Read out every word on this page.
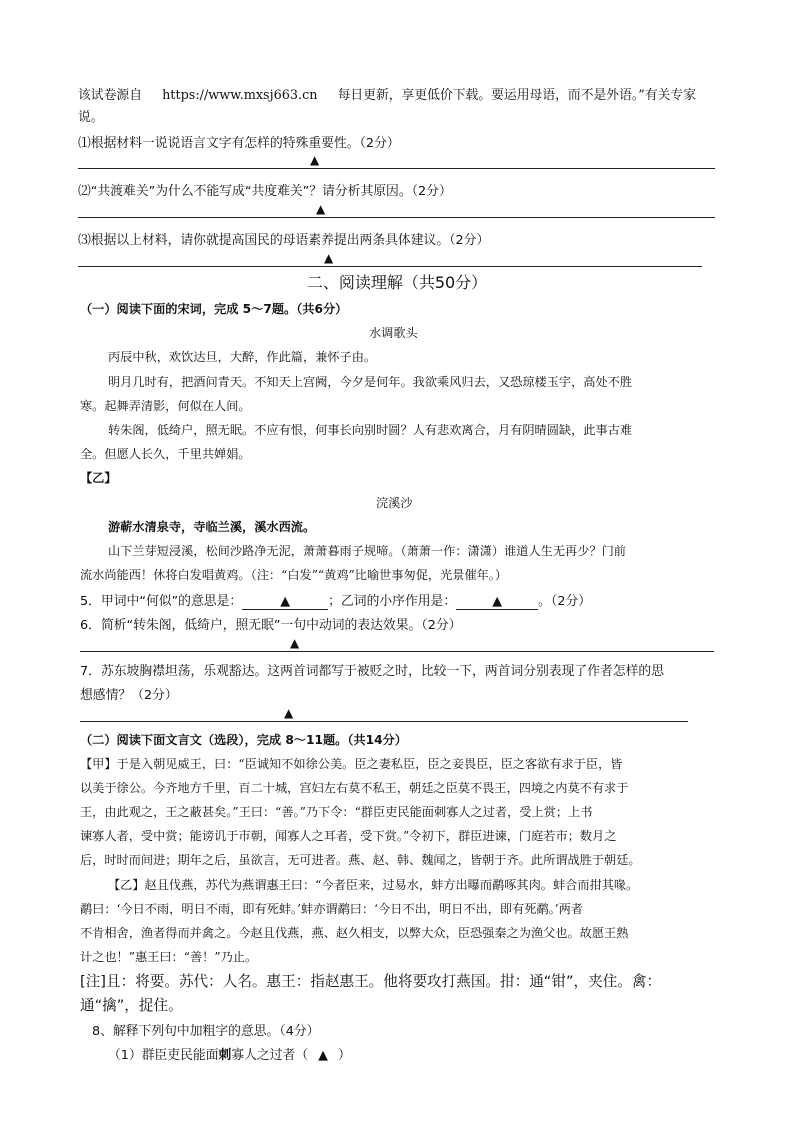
该试卷源自 https://www.mxsj663.cn 每日更新，享更低价下载。要运用母语，而不是外语。”有关专家
说。
⑴根据材料一说说语言文字有怎样的特殊重要性。（2分）
▲
⑵“共渡难关”为什么不能写成“共度难关”？请分析其原因。（2分）
▲
⑶根据以上材料，请你就提高国民的母语素养提出两条具体建议。（2分）
▲
二、阅读理解（共50分）
（一）阅读下面的宋词，完成 5～7题。（共6分）
水调歌头
丙辰中秋，欢饮达旦，大醉，作此篇，兼怀子由。
明月几时有，把酒问青天。不知天上宫阙，今夕是何年。我欲乘风归去，又恐琼楼玉宇，高处不胜
寒。起舞弄清影，何似在人间。
转朱阁，低绮户，照无眠。不应有恨，何事长向别时圆？人有悲欢离合，月有阴晴圆缺，此事古难
全。但愿人长久，千里共婵娟。
【乙】
浣溪沙
游蕲水清泉寺，寺临兰溪，溪水西流。
山下兰芽短浸溪，松间沙路净无泥，萧萧暮雨子规啼。（萧萧一作：潇潇）谁道人生无再少？门前
流水尚能西！休将白发唱黄鸡。（注：“白发”“黄鸡”比喻世事匆促，光景催年。）
5．甲词中“何似”的意思是：	▲	；乙词的小序作用是：	▲	。（2分）
6．简析“转朱阁，低绮户，照无眠”一句中动词的表达效果。（2分）
▲
7．苏东坡胸襟坦荡，乐观豁达。这两首词都写于被贬之时，比较一下，两首词分别表现了作者怎样的思
想感情？（2分）
▲
（二）阅读下面文言文（选段），完成 8～11题。（共14分）
【甲】于是入朝见威王，曰：“臣诚知不如徐公美。臣之妻私臣，臣之妾畏臣，臣之客欲有求于臣，皆
以美于徐公。今齐地方千里，百二十城，宫妇左右莫不私王，朝廷之臣莫不畏王，四境之内莫不有求于
王，由此观之，王之蔽甚矣。”王曰：“善。”乃下令：“群臣吏民能面刺寡人之过者，受上赏；上书
谏寡人者，受中赏；能谤讥于市朝，闻寡人之耳者，受下赏。”令初下，群臣进谏，门庭若市；数月之
后，时时而间进；期年之后，虽欲言，无可进者。燕、赵、韩、魏闻之，皆朝于齐。此所谓战胜于朝廷。
【乙】赵且伐燕，苏代为燕谓惠王曰：“今者臣来，过易水，蚌方出曝而鹬啄其肉。蚌合而拑其喙。
鹬曰：‘今日不雨，明日不雨，即有死蚌。’蚌亦谓鹬曰：‘今日不出，明日不出，即有死鹬。’两者
不肯相舍，渔者得而并禽之。今赵且伐燕，燕、赵久相支，以弊大众，臣恐强秦之为渔父也。故愿王熟
计之也！”惠王曰：“善！”乃止。
[注]且：将要。苏代：人名。惠王：指赵惠王。他将要攻打燕国。拑：通“钳”，夹住。禽：
通“擒”，捉住。
8、解释下列句中加粗字的意思。（4分）
（1）群臣吏民能面刺寡人之过者（ ▲ ）
